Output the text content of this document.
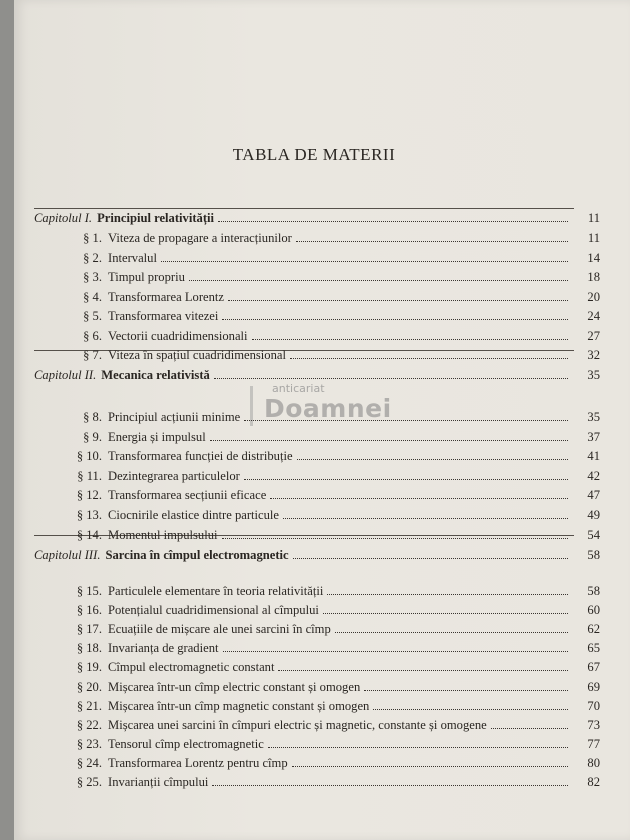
TABLA DE MATERII
anticariat
Doamnei
Capitolul I. Principiul relativității	11
§ 1. Viteza de propagare a interacțiunilor	11
§ 2. Intervalul	14
§ 3. Timpul propriu	18
§ 4. Transformarea Lorentz	20
§ 5. Transformarea vitezei	24
§ 6. Vectorii cuadridimensionali	27
§ 7. Viteza în spațiul cuadridimensional	32
Capitolul II. Mecanica relativistă	35
§ 8. Principiul acțiunii minime	35
§ 9. Energia și impulsul	37
§ 10. Transformarea funcției de distribuție	41
§ 11. Dezintegrarea particulelor	42
§ 12. Transformarea secțiunii eficace	47
§ 13. Ciocnirile elastice dintre particule	49
§ 14. Momentul impulsului	54
Capitolul III. Sarcina în cîmpul electromagnetic	58
§ 15. Particulele elementare în teoria relativității	58
§ 16. Potențialul cuadridimensional al cîmpului	60
§ 17. Ecuațiile de mișcare ale unei sarcini în cîmp	62
§ 18. Invarianța de gradient	65
§ 19. Cîmpul electromagnetic constant	67
§ 20. Mișcarea într-un cîmp electric constant și omogen	69
§ 21. Mișcarea într-un cîmp magnetic constant și omogen	70
§ 22. Mișcarea unei sarcini în cîmpuri electric și magnetic, constante și omogene	73
§ 23. Tensorul cîmp electromagnetic	77
§ 24. Transformarea Lorentz pentru cîmp	80
§ 25. Invarianții cîmpului	82
